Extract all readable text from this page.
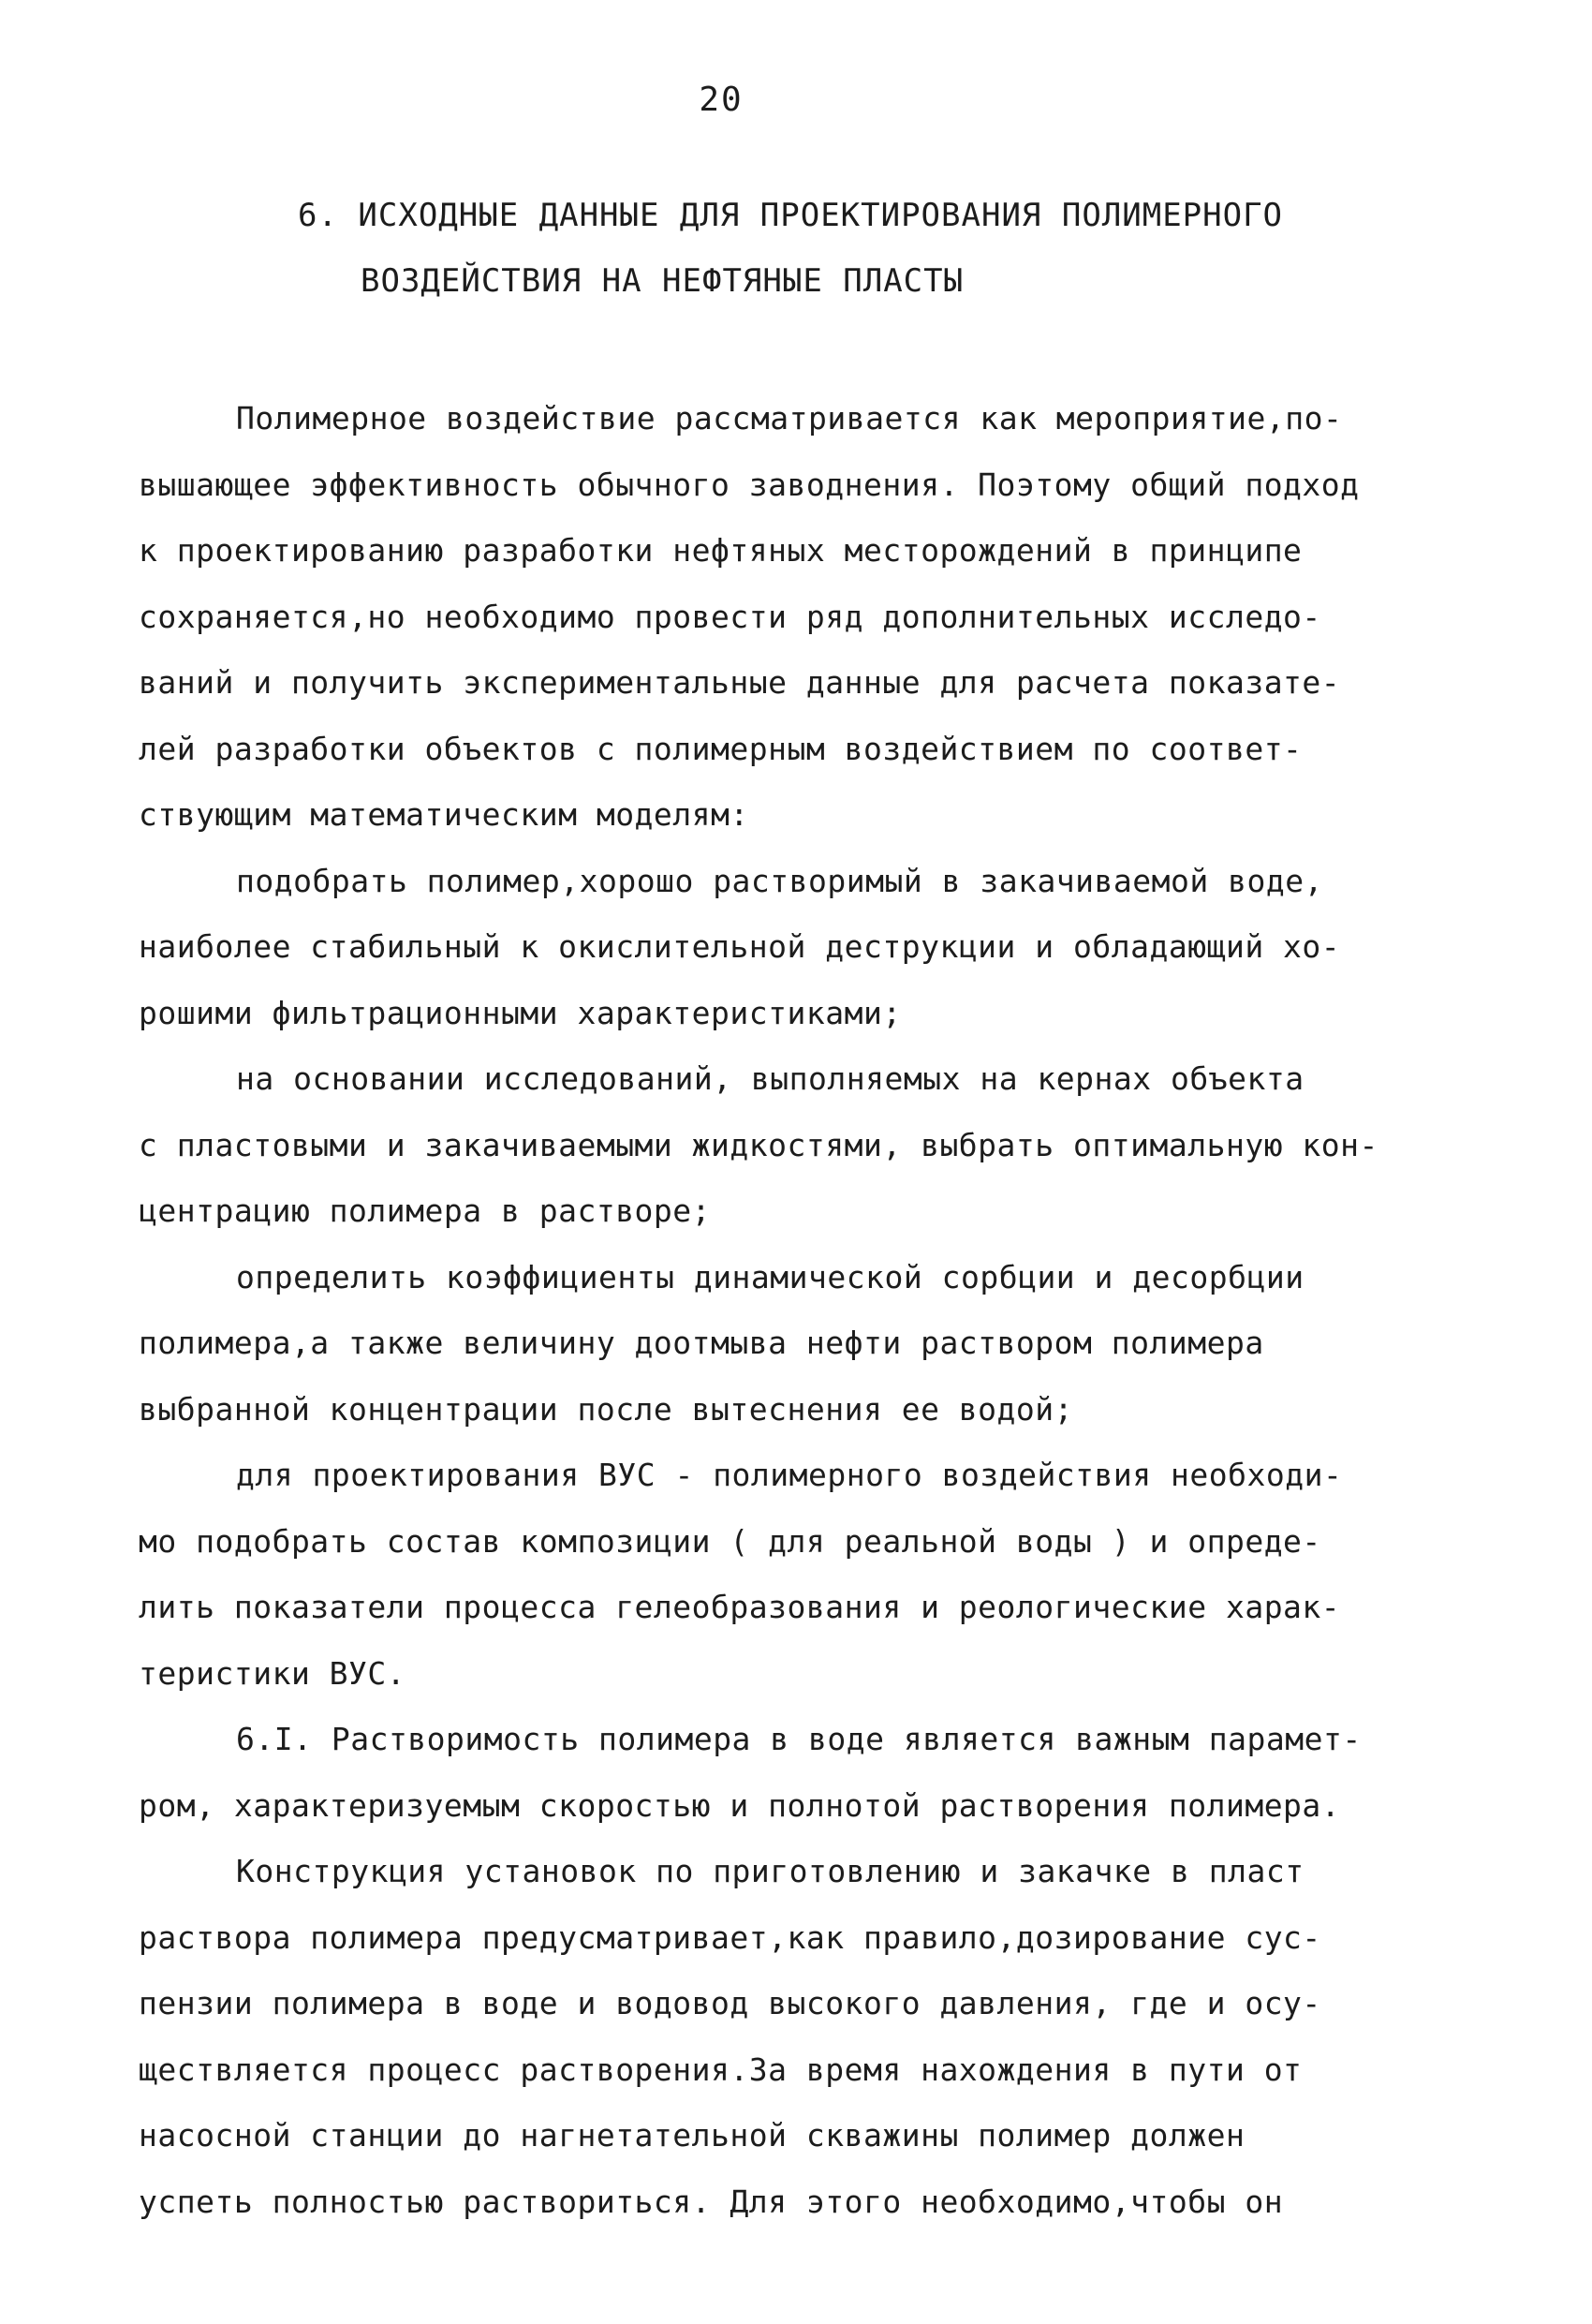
20
6. ИСХОДНЫЕ ДАННЫЕ ДЛЯ ПРОЕКТИРОВАНИЯ ПОЛИМЕРНОГО
ВОЗДЕЙСТВИЯ НА НЕФТЯНЫЕ ПЛАСТЫ
Полимерное воздействие рассматривается как мероприятие,по-
вышающее эффективность обычного заводнения. Поэтому общий подход
к проектированию разработки нефтяных месторождений в принципе
сохраняется,но необходимо провести ряд дополнительных исследо-
ваний и получить экспериментальные данные для расчета показате-
лей разработки объектов с полимерным воздействием по соответ-
ствующим математическим моделям:
подобрать полимер,хорошо растворимый в закачиваемой воде,
наиболее стабильный к окислительной деструкции и обладающий хо-
рошими фильтрационными характеристиками;
на основании исследований, выполняемых на кернах объекта
с пластовыми и закачиваемыми жидкостями, выбрать оптимальную кон-
центрацию полимера в растворе;
определить коэффициенты динамической сорбции и десорбции
полимера,а также величину доотмыва нефти раствором полимера
выбранной концентрации после вытеснения ее водой;
для проектирования ВУС - полимерного воздействия необходи-
мо подобрать состав композиции ( для реальной воды ) и опреде-
лить показатели процесса гелеобразования и реологические харак-
теристики ВУС.
6.I. Растворимость полимера в воде является важным парамет-
ром, характеризуемым скоростью и полнотой растворения полимера.
Конструкция установок по приготовлению и закачке в пласт
раствора полимера предусматривает,как правило,дозирование сус-
пензии полимера в воде и водовод высокого давления, где и осу-
ществляется процесс растворения.За время нахождения в пути от
насосной станции до нагнетательной скважины полимер должен
успеть полностью раствориться. Для этого необходимо,чтобы он
